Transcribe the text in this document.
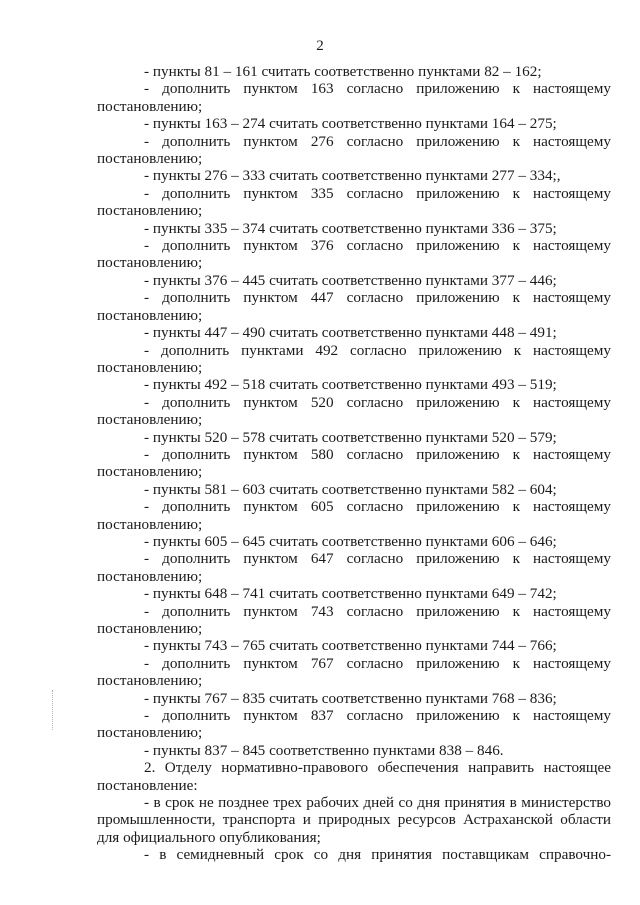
2

- пункты 81 – 161 считать соответственно пунктами 82 – 162;

- дополнить пунктом 163 согласно приложению к настоящему постановлению;

- пункты 163 – 274 считать соответственно пунктами 164 – 275;

- дополнить пунктом 276 согласно приложению к настоящему постановлению;

- пункты 276 – 333 считать соответственно пунктами 277 – 334;,

- дополнить пунктом 335 согласно приложению к настоящему постановлению;

- пункты 335 – 374 считать соответственно пунктами 336 – 375;

- дополнить пунктом 376 согласно приложению к настоящему постановлению;

- пункты 376 – 445 считать соответственно пунктами 377 – 446;

- дополнить пунктом 447 согласно приложению к настоящему постановлению;

- пункты 447 – 490 считать соответственно пунктами 448 – 491;

- дополнить пунктами 492 согласно приложению к настоящему постановлению;

- пункты 492 – 518 считать соответственно пунктами 493 – 519;

- дополнить пунктом 520 согласно приложению к настоящему постановлению;

- пункты 520 – 578 считать соответственно пунктами 520 – 579;

- дополнить пунктом 580 согласно приложению к настоящему постановлению;

- пункты 581 – 603 считать соответственно пунктами 582 – 604;

- дополнить пунктом 605 согласно приложению к настоящему постановлению;

- пункты 605 – 645 считать соответственно пунктами 606 – 646;

- дополнить пунктом 647 согласно приложению к настоящему постановлению;

- пункты 648 – 741 считать соответственно пунктами 649 – 742;

- дополнить пунктом 743 согласно приложению к настоящему постановлению;

- пункты 743 – 765 считать соответственно пунктами 744 – 766;

- дополнить пунктом 767 согласно приложению к настоящему постановлению;

- пункты 767 – 835 считать соответственно пунктами 768 – 836;

- дополнить пунктом 837 согласно приложению к настоящему постановлению;

- пункты 837 – 845 соответственно пунктами 838 – 846.

2. Отделу нормативно-правового обеспечения направить настоящее постановление:

- в срок не позднее трех рабочих дней со дня принятия в министерство промышленности, транспорта и природных ресурсов Астраханской области для официального опубликования;

- в семидневный срок со дня принятия поставщикам справочно-
